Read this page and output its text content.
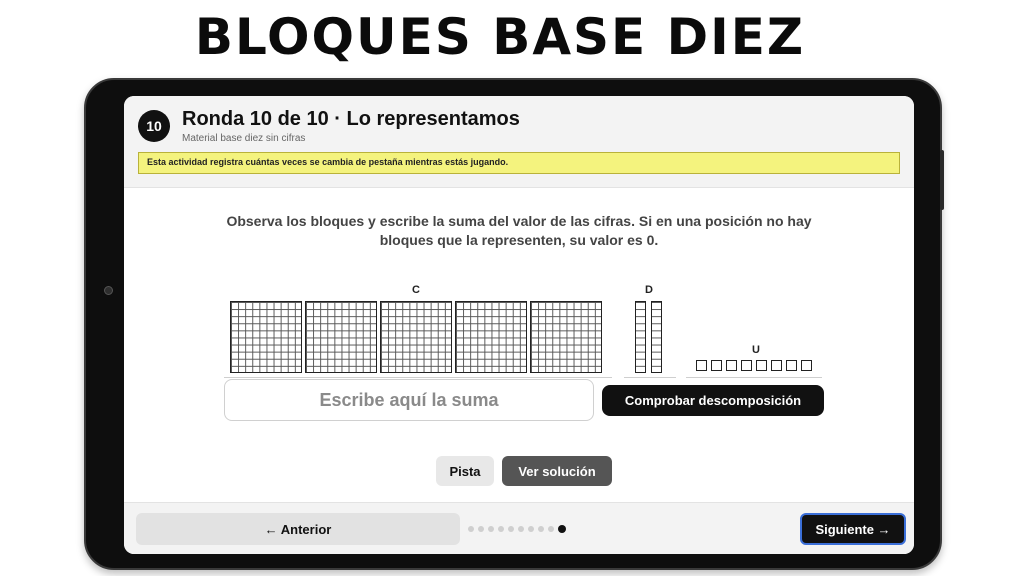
BLOQUES BASE DIEZ
10	Ronda 10 de 10 · Lo representamos
Material base diez sin cifras
Esta actividad registra cuántas veces se cambia de pestaña mientras estás jugando.
Observa los bloques y escribe la suma del valor de las cifras. Si en una posición no hay bloques que la representen, su valor es 0.
C	D
U
Escribe aquí la suma
Comprobar descomposición
Pista	Ver solución
← Anterior	Siguiente →
